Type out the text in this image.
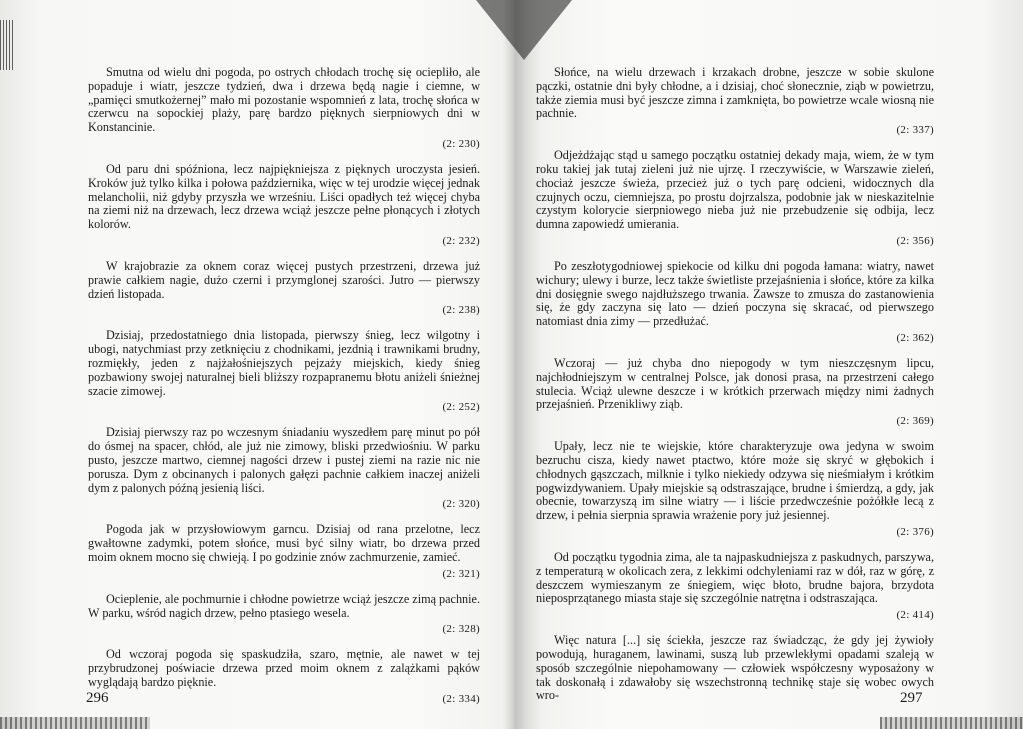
Smutna od wielu dni pogoda, po ostrych chłodach trochę się ociepliło, ale popaduje i wiatr, jeszcze tydzień, dwa i drzewa będą nagie i ciemne, w „pamięci smutkożernej” mało mi pozostanie wspomnień z lata, trochę słońca w czerwcu na sopockiej plaży, parę bardzo pięknych sierpniowych dni w Konstancinie.

(2: 230)

Od paru dni spóźniona, lecz najpiękniejsza z pięknych uroczysta jesień. Kroków już tylko kilka i połowa października, więc w tej urodzie więcej jednak melancholii, niż gdyby przyszła we wrześniu. Liści opadłych też więcej chyba na ziemi niż na drzewach, lecz drzewa wciąż jeszcze pełne płonących i złotych kolorów.

(2: 232)

W krajobrazie za oknem coraz więcej pustych przestrzeni, drzewa już prawie całkiem nagie, dużo czerni i przymglonej szarości. Jutro — pierwszy dzień listopada.

(2: 238)

Dzisiaj, przedostatniego dnia listopada, pierwszy śnieg, lecz wilgotny i ubogi, natychmiast przy zetknięciu z chodnikami, jezdnią i trawnikami brudny, rozmiękły, jeden z najżałośniejszych pejzaży miejskich, kiedy śnieg pozbawiony swojej naturalnej bieli bliższy rozpapranemu błotu aniżeli śnieżnej szacie zimowej.

(2: 252)

Dzisiaj pierwszy raz po wczesnym śniadaniu wyszedłem parę minut po pół do ósmej na spacer, chłód, ale już nie zimowy, bliski przedwiośniu. W parku pusto, jeszcze martwo, ciemnej nagości drzew i pustej ziemi na razie nic nie porusza. Dym z obcinanych i palonych gałęzi pachnie całkiem inaczej aniżeli dym z palonych późną jesienią liści.

(2: 320)

Pogoda jak w przysłowiowym garncu. Dzisiaj od rana przelotne, lecz gwałtowne zadymki, potem słońce, musi być silny wiatr, bo drzewa przed moim oknem mocno się chwieją. I po godzinie znów zachmurzenie, zamieć.

(2: 321)

Ocieplenie, ale pochmurnie i chłodne powietrze wciąż jeszcze zimą pachnie. W parku, wśród nagich drzew, pełno ptasiego wesela.

(2: 328)

Od wczoraj pogoda się spaskudziła, szaro, mętnie, ale nawet w tej przybrudzonej poświacie drzewa przed moim oknem z zalążkami pąków wyglądają bardzo pięknie.

(2: 334)

Słońce, na wielu drzewach i krzakach drobne, jeszcze w sobie skulone pączki, ostatnie dni były chłodne, a i dzisiaj, choć słonecznie, ziąb w powietrzu, także ziemia musi być jeszcze zimna i zamknięta, bo powietrze wcale wiosną nie pachnie.

(2: 337)

Odjeżdżając stąd u samego początku ostatniej dekady maja, wiem, że w tym roku takiej jak tutaj zieleni już nie ujrzę. I rzeczywiście, w Warszawie zieleń, chociaż jeszcze świeża, przecież już o tych parę odcieni, widocznych dla czujnych oczu, ciemniejsza, po prostu dojrzalsza, podobnie jak w nieskazitelnie czystym kolorycie sierpniowego nieba już nie przebudzenie się odbija, lecz dumna zapowiedź umierania.

(2: 356)

Po zeszłotygodniowej spiekocie od kilku dni pogoda łamana: wiatry, nawet wichury; ulewy i burze, lecz także świetliste przejaśnienia i słońce, które za kilka dni dosięgnie swego najdłuższego trwania. Zawsze to zmusza do zastanowienia się, że gdy zaczyna się lato — dzień poczyna się skracać, od pierwszego natomiast dnia zimy — przedłużać.

(2: 362)

Wczoraj — już chyba dno niepogody w tym nieszczęsnym lipcu, najchłodniejszym w centralnej Polsce, jak donosi prasa, na przestrzeni całego stulecia. Wciąż ulewne deszcze i w krótkich przerwach między nimi żadnych przejaśnień. Przenikliwy ziąb.

(2: 369)

Upały, lecz nie te wiejskie, które charakteryzuje owa jedyna w swoim bezruchu cisza, kiedy nawet ptactwo, które może się skryć w głębokich i chłodnych gąszczach, milknie i tylko niekiedy odzywa się nieśmiałym i krótkim pogwizdywaniem. Upały miejskie są odstraszające, brudne i śmierdzą, a gdy, jak obecnie, towarzyszą im silne wiatry — i liście przedwcześnie pożółkłe lecą z drzew, i pełnia sierpnia sprawia wrażenie pory już jesiennej.

(2: 376)

Od początku tygodnia zima, ale ta najpaskudniejsza z paskudnych, parszywa, z temperaturą w okolicach zera, z lekkimi odchyleniami raz w dół, raz w górę, z deszczem wymieszanym ze śniegiem, więc błoto, brudne bajora, brzydota nieposprzątanego miasta staje się szczególnie natrętna i odstraszająca.

(2: 414)

Więc natura [...] się ściekła, jeszcze raz świadcząc, że gdy jej żywioły powodują, huraganem, lawinami, suszą lub przewlekłymi opadami szaleją w sposób szczególnie niepohamowany — człowiek współczesny wyposażony w tak doskonałą i zdawałoby się wszechstronną technikę staje się wobec owych wro-

296	297
